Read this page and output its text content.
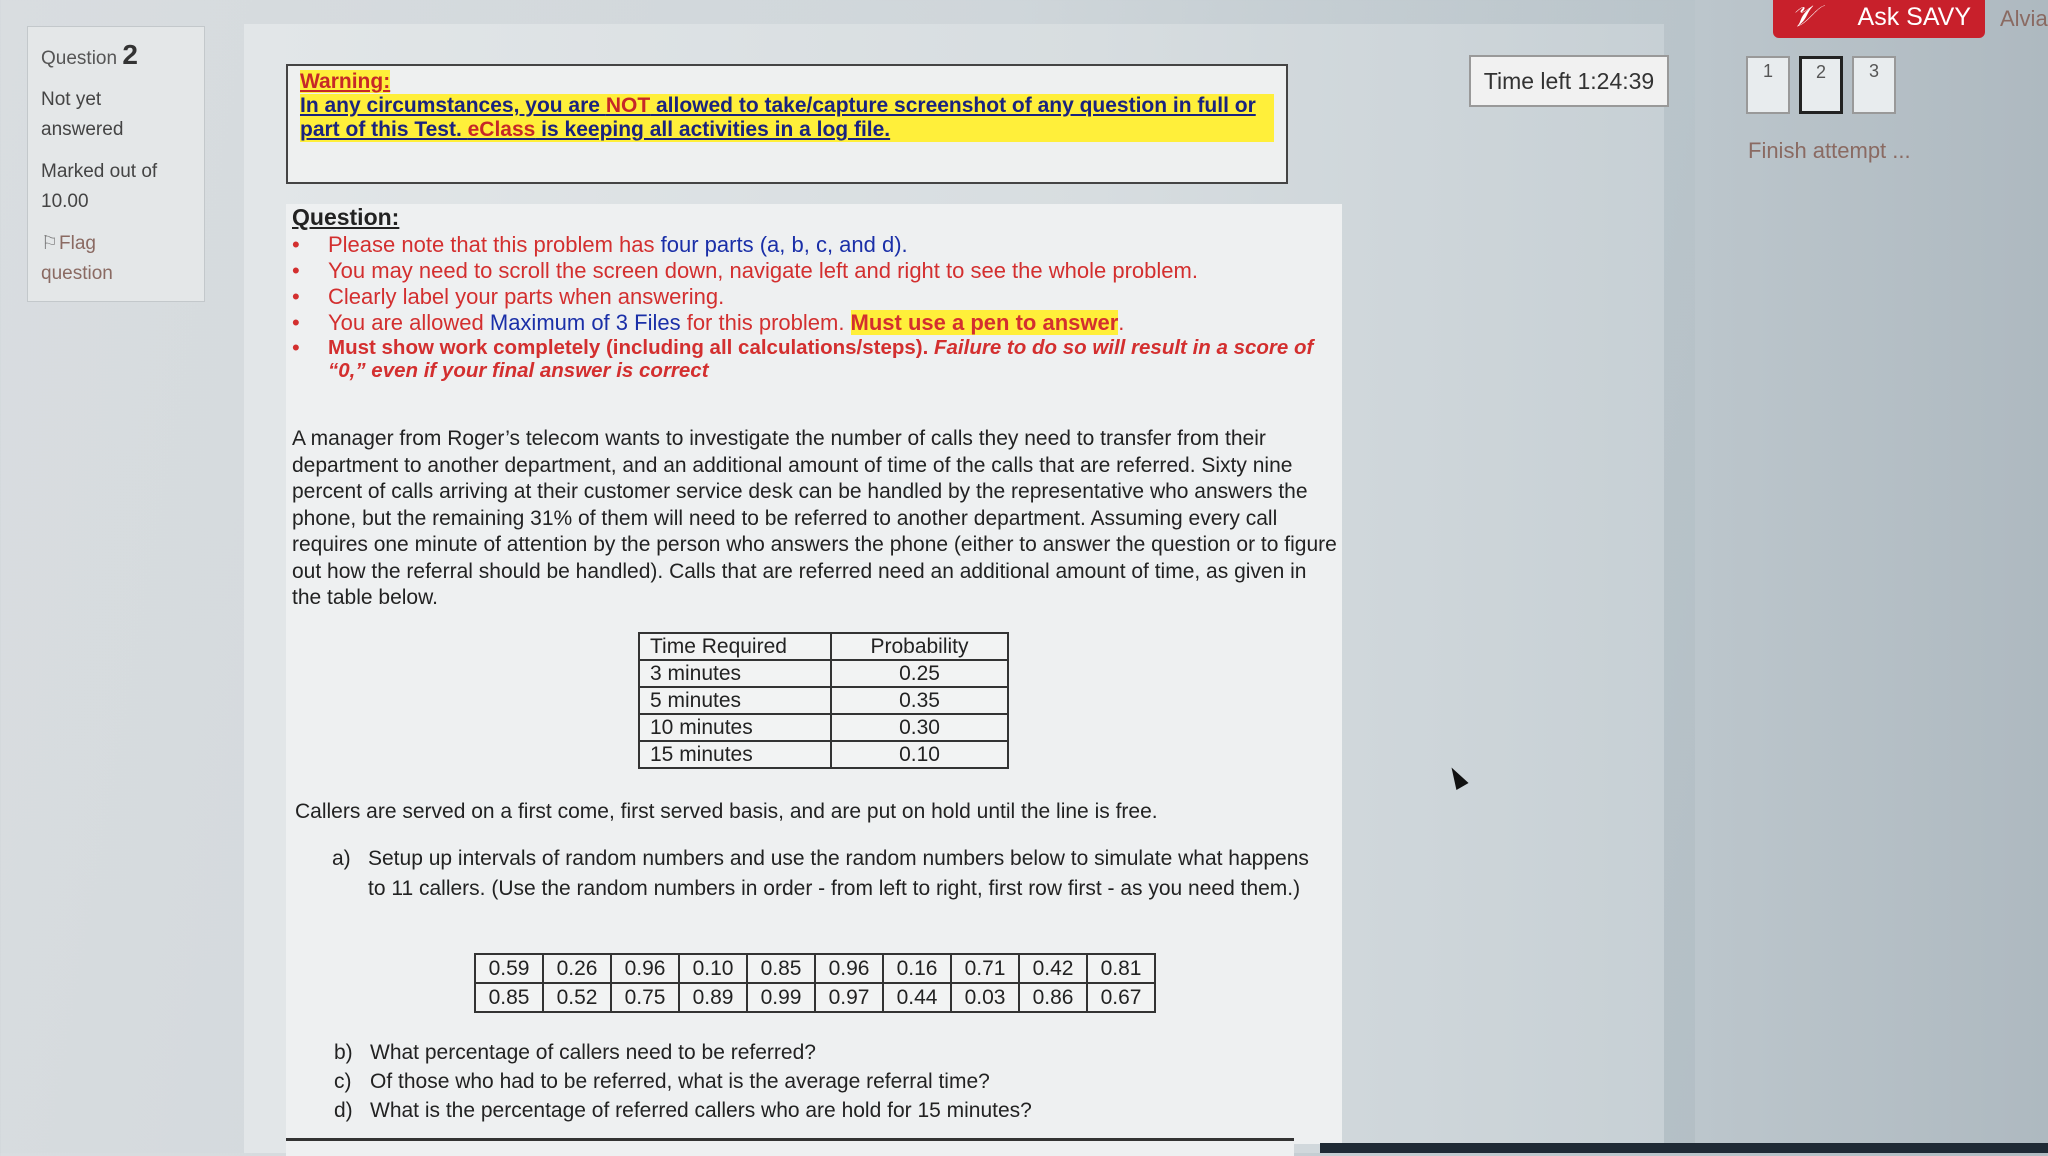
𝒱 Ask SAVY	Alvia
Question 2
Not yet
answered
Marked out of
10.00
⚐Flag
question
Warning:
In any circumstances, you are NOT allowed to take/capture screenshot of any question in full or part of this Test. eClass is keeping all activities in a log file.
Time left 1:24:39	1	2	3
Finish attempt ...
Question:
• Please note that this problem has four parts (a, b, c, and d).
• You may need to scroll the screen down, navigate left and right to see the whole problem.
• Clearly label your parts when answering.
• You are allowed Maximum of 3 Files for this problem. Must use a pen to answer.
• Must show work completely (including all calculations/steps). Failure to do so will result in a score of “0,” even if your final answer is correct
A manager from Roger’s telecom wants to investigate the number of calls they need to transfer from their department to another department, and an additional amount of time of the calls that are referred. Sixty nine percent of calls arriving at their customer service desk can be handled by the representative who answers the phone, but the remaining 31% of them will need to be referred to another department. Assuming every call requires one minute of attention by the person who answers the phone (either to answer the question or to figure out how the referral should be handled). Calls that are referred need an additional amount of time, as given in the table below.
Time Required	Probability
3 minutes	0.25
5 minutes	0.35
10 minutes	0.30
15 minutes	0.10
Callers are served on a first come, first served basis, and are put on hold until the line is free.
a) Setup up intervals of random numbers and use the random numbers below to simulate what happens to 11 callers. (Use the random numbers in order - from left to right, first row first - as you need them.)
0.59	0.26	0.96	0.10	0.85	0.96	0.16	0.71	0.42	0.81
0.85	0.52	0.75	0.89	0.99	0.97	0.44	0.03	0.86	0.67
b) What percentage of callers need to be referred?
c) Of those who had to be referred, what is the average referral time?
d) What is the percentage of referred callers who are hold for 15 minutes?
